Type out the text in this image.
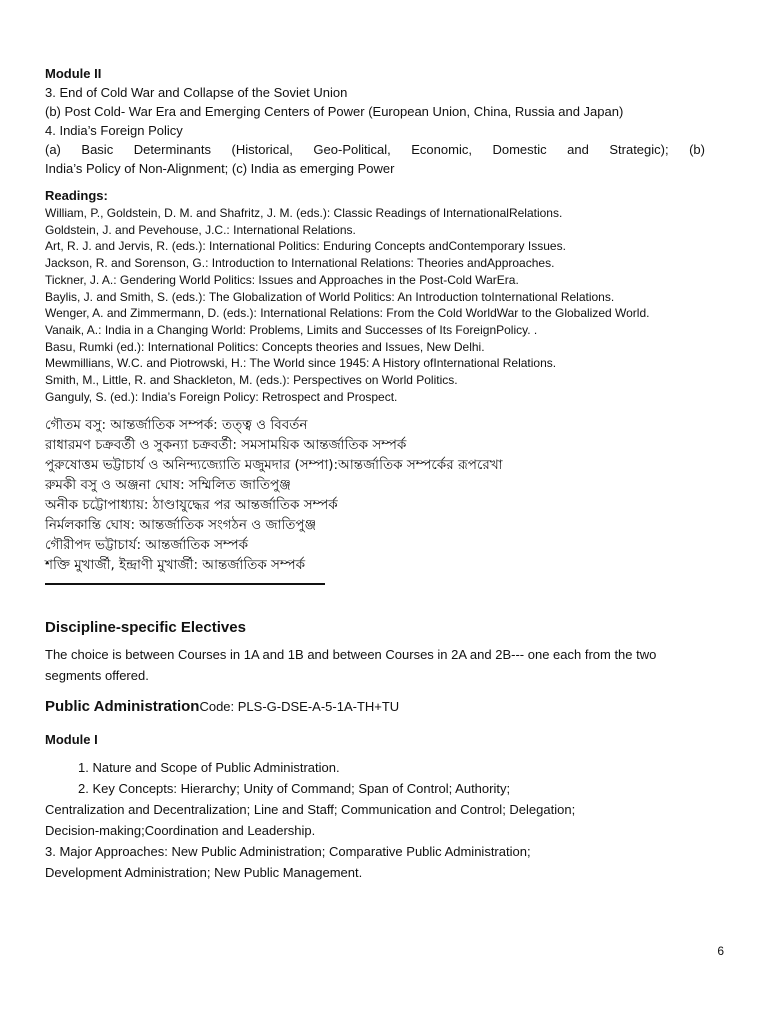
Module II

3. End of Cold War and Collapse of the Soviet Union

(b) Post Cold- War Era and Emerging Centers of Power (European Union, China, Russia and Japan)

4. India’s Foreign Policy

(a) Basic Determinants (Historical, Geo-Political, Economic, Domestic and Strategic); (b)

India’s Policy of Non-Alignment; (c) India as emerging Power

Readings:

William, P., Goldstein, D. M. and Shafritz, J. M. (eds.): Classic Readings of InternationalRelations.

Goldstein, J. and Pevehouse, J.C.: International Relations.

Art, R. J. and Jervis, R. (eds.): International Politics: Enduring Concepts andContemporary Issues.

Jackson, R. and Sorenson, G.: Introduction to International Relations: Theories andApproaches.

Tickner, J. A.: Gendering World Politics: Issues and Approaches in the Post-Cold WarEra.

Baylis, J. and Smith, S. (eds.): The Globalization of World Politics: An Introduction toInternational Relations.

Wenger, A. and Zimmermann, D. (eds.): International Relations: From the Cold WorldWar to the Globalized World.

Vanaik, A.: India in a Changing World: Problems, Limits and Successes of Its ForeignPolicy. .

Basu, Rumki (ed.): International Politics: Concepts theories and Issues, New Delhi.

Mewmillians, W.C. and Piotrowski, H.: The World since 1945: A History ofInternational Relations.

Smith, M., Little, R. and Shackleton, M. (eds.): Perspectives on World Politics.

Ganguly, S. (ed.): India’s Foreign Policy: Retrospect and Prospect.

গৌতম বসু: আন্তর্জাতিক সম্পর্ক: তত্ত্ব ও বিবর্তন

রাধারমণ চক্রবর্তী ও সুকন্যা চক্রবর্তী: সমসাময়িক আন্তর্জাতিক সম্পর্ক

পুরুষোত্তম ভট্টাচার্য ও অনিন্দ্যজ্যোতি মজুমদার (সম্পা):আন্তর্জাতিক সম্পর্কের রূপরেখা

রুমকী বসু ও অঞ্জনা ঘোষ: সম্মিলিত জাতিপুঞ্জ

অনীক চট্টোপাধ্যায়: ঠাণ্ডাযুদ্ধের পর আন্তর্জাতিক সম্পর্ক

নির্মলকান্তি ঘোষ: আন্তর্জাতিক সংগঠন ও জাতিপুঞ্জ

গৌরীপদ ভট্টাচার্য: আন্তর্জাতিক সম্পর্ক

শক্তি মুখার্জী, ইন্দ্রাণী মুখার্জী: আন্তর্জাতিক সম্পর্ক

Discipline-specific Electives

The choice is between Courses in 1A and 1B and between Courses in 2A and 2B--- one each from the two segments offered.

Public AdministrationCode: PLS-G-DSE-A-5-1A-TH+TU

Module I

1. Nature and Scope of Public Administration.

2. Key Concepts: Hierarchy; Unity of Command; Span of Control; Authority;

Centralization and Decentralization; Line and Staff; Communication and Control; Delegation;

Decision-making;Coordination and Leadership.

3. Major Approaches: New Public Administration; Comparative Public Administration;

Development Administration; New Public Management.

6
